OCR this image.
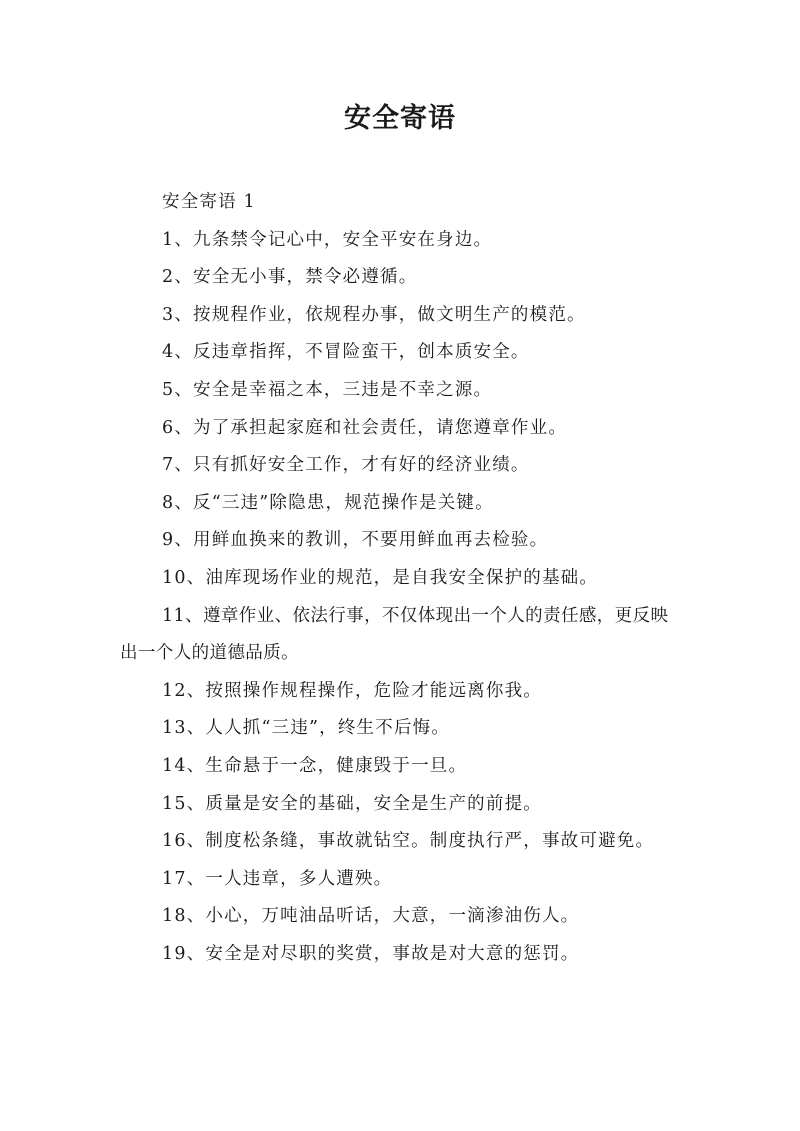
安全寄语

安全寄语 1

1、九条禁令记心中，安全平安在身边。

2、安全无小事，禁令必遵循。

3、按规程作业，依规程办事，做文明生产的模范。

4、反违章指挥，不冒险蛮干，创本质安全。

5、安全是幸福之本，三违是不幸之源。

6、为了承担起家庭和社会责任，请您遵章作业。

7、只有抓好安全工作，才有好的经济业绩。

8、反“三违”除隐患，规范操作是关键。

9、用鲜血换来的教训，不要用鲜血再去检验。

10、油库现场作业的规范，是自我安全保护的基础。

11、遵章作业、依法行事，不仅体现出一个人的责任感，更反映出一个人的道德品质。

12、按照操作规程操作，危险才能远离你我。

13、人人抓“三违”，终生不后悔。

14、生命悬于一念，健康毁于一旦。

15、质量是安全的基础，安全是生产的前提。

16、制度松条缝，事故就钻空。制度执行严，事故可避免。

17、一人违章，多人遭殃。

18、小心，万吨油品听话，大意，一滴渗油伤人。

19、安全是对尽职的奖赏，事故是对大意的惩罚。
